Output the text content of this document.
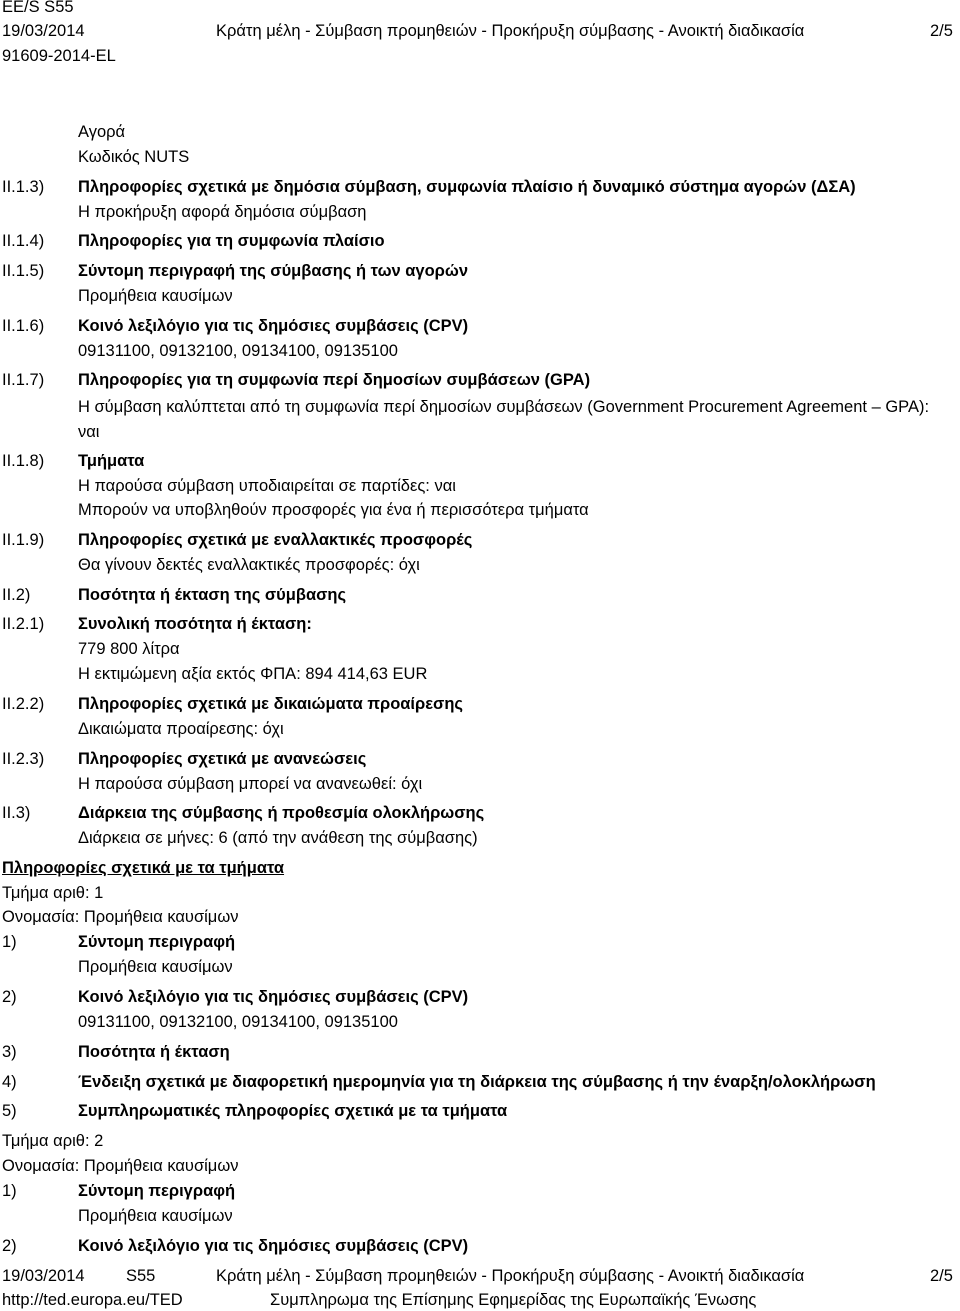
EE/S S55
19/03/2014	Κράτη μέλη - Σύμβαση προμηθειών - Προκήρυξη σύμβασης - Ανοικτή διαδικασία	2/5
91609-2014-EL
Αγορά
Κωδικός NUTS
II.1.3) Πληροφορίες σχετικά με δημόσια σύμβαση, συμφωνία πλαίσιο ή δυναμικό σύστημα αγορών (ΔΣΑ)
Η προκήρυξη αφορά δημόσια σύμβαση
II.1.4) Πληροφορίες για τη συμφωνία πλαίσιο
II.1.5) Σύντομη περιγραφή της σύμβασης ή των αγορών
Προμήθεια καυσίμων
II.1.6) Κοινό λεξιλόγιο για τις δημόσιες συμβάσεις (CPV)
09131100, 09132100, 09134100, 09135100
II.1.7) Πληροφορίες για τη συμφωνία περί δημοσίων συμβάσεων (GPA)
Η σύμβαση καλύπτεται από τη συμφωνία περί δημοσίων συμβάσεων (Government Procurement Agreement – GPA): ναι
II.1.8) Τμήματα
Η παρούσα σύμβαση υποδιαιρείται σε παρτίδες: ναι
Μπορούν να υποβληθούν προσφορές για ένα ή περισσότερα τμήματα
II.1.9) Πληροφορίες σχετικά με εναλλακτικές προσφορές
Θα γίνουν δεκτές εναλλακτικές προσφορές: όχι
II.2)	Ποσότητα ή έκταση της σύμβασης
II.2.1) Συνολική ποσότητα ή έκταση:
779 800 λίτρα
Η εκτιμώμενη αξία εκτός ΦΠΑ: 894 414,63 EUR
II.2.2) Πληροφορίες σχετικά με δικαιώματα προαίρεσης
Δικαιώματα προαίρεσης: όχι
II.2.3) Πληροφορίες σχετικά με ανανεώσεις
Η παρούσα σύμβαση μπορεί να ανανεωθεί: όχι
II.3)	Διάρκεια της σύμβασης ή προθεσμία ολοκλήρωσης
Διάρκεια σε μήνες: 6 (από την ανάθεση της σύμβασης)
Πληροφορίες σχετικά με τα τμήματα
Τμήμα αριθ: 1
Ονομασία: Προμήθεια καυσίμων
1)	Σύντομη περιγραφή
Προμήθεια καυσίμων
2)	Κοινό λεξιλόγιο για τις δημόσιες συμβάσεις (CPV)
09131100, 09132100, 09134100, 09135100
3)	Ποσότητα ή έκταση
4)	Ένδειξη σχετικά με διαφορετική ημερομηνία για τη διάρκεια της σύμβασης ή την έναρξη/ολοκλήρωση
5)	Συμπληρωματικές πληροφορίες σχετικά με τα τμήματα
Τμήμα αριθ: 2
Ονομασία: Προμήθεια καυσίμων
1)	Σύντομη περιγραφή
Προμήθεια καυσίμων
2)	Κοινό λεξιλόγιο για τις δημόσιες συμβάσεις (CPV)
19/03/2014	S55	Κράτη μέλη - Σύμβαση προμηθειών - Προκήρυξη σύμβασης - Ανοικτή διαδικασία	2/5
http://ted.europa.eu/TED	Συμπληρωμα της Επίσημης Εφημερίδας της Ευρωπαϊκής Ένωσης
